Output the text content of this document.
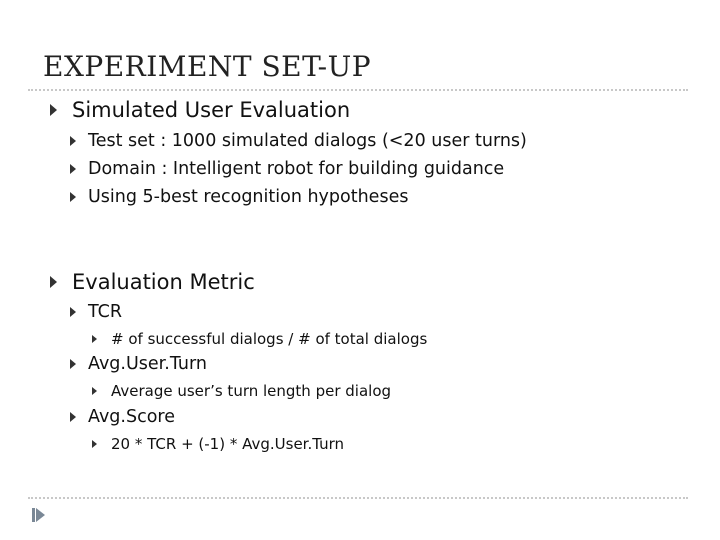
EXPERIMENT SET-UP
Simulated User Evaluation
Test set : 1000 simulated dialogs (<20 user turns)
Domain : Intelligent robot for building guidance
Using 5-best recognition hypotheses
Evaluation Metric
TCR
# of successful dialogs / # of total dialogs
Avg.User.Turn
Average user’s turn length per dialog
Avg.Score
20 * TCR + (-1) * Avg.User.Turn
